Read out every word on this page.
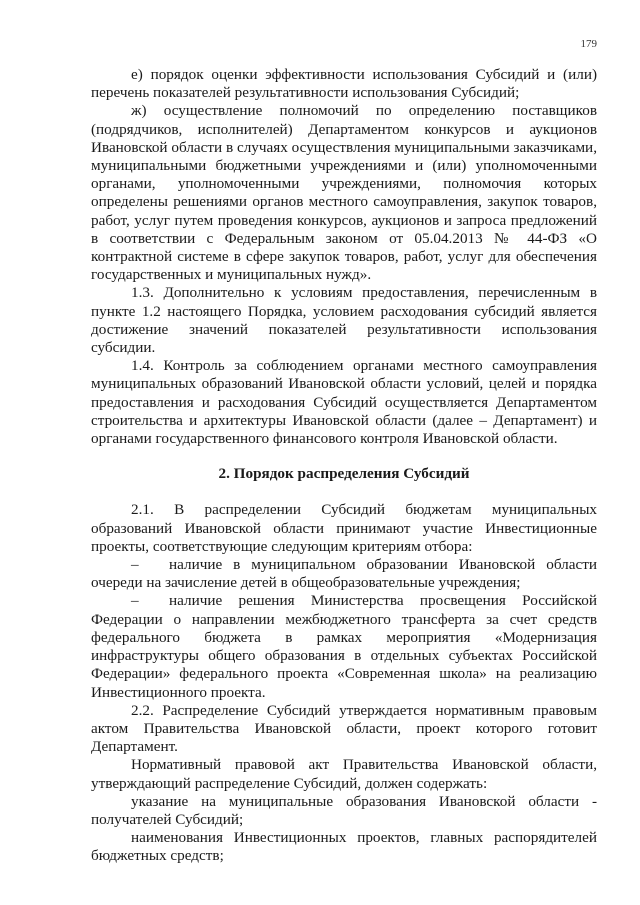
179

е) порядок оценки эффективности использования Субсидий и (или) перечень показателей результативности использования Субсидий;

ж) осуществление полномочий по определению поставщиков (подрядчиков, исполнителей) Департаментом конкурсов и аукционов Ивановской области в случаях осуществления муниципальными заказчиками, муниципальными бюджетными учреждениями и (или) уполномоченными органами, уполномоченными учреждениями, полномочия которых определены решениями органов местного самоуправления, закупок товаров, работ, услуг путем проведения конкурсов, аукционов и запроса предложений в соответствии с Федеральным законом от 05.04.2013 № 44-ФЗ «О контрактной системе в сфере закупок товаров, работ, услуг для обеспечения государственных и муниципальных нужд».

1.3. Дополнительно к условиям предоставления, перечисленным в пункте 1.2 настоящего Порядка, условием расходования субсидий является достижение значений показателей результативности использования субсидии.

1.4. Контроль за соблюдением органами местного самоуправления муниципальных образований Ивановской области условий, целей и порядка предоставления и расходования Субсидий осуществляется Департаментом строительства и архитектуры Ивановской области (далее – Департамент) и органами государственного финансового контроля Ивановской области.

2. Порядок распределения Субсидий

2.1. В распределении Субсидий бюджетам муниципальных образований Ивановской области принимают участие Инвестиционные проекты, соответствующие следующим критериям отбора:

– наличие в муниципальном образовании Ивановской области очереди на зачисление детей в общеобразовательные учреждения;

– наличие решения Министерства просвещения Российской Федерации о направлении межбюджетного трансферта за счет средств федерального бюджета в рамках мероприятия «Модернизация инфраструктуры общего образования в отдельных субъектах Российской Федерации» федерального проекта «Современная школа» на реализацию Инвестиционного проекта.

2.2. Распределение Субсидий утверждается нормативным правовым актом Правительства Ивановской области, проект которого готовит Департамент.

Нормативный правовой акт Правительства Ивановской области, утверждающий распределение Субсидий, должен содержать:

указание на муниципальные образования Ивановской области - получателей Субсидий;

наименования Инвестиционных проектов, главных распорядителей бюджетных средств;
